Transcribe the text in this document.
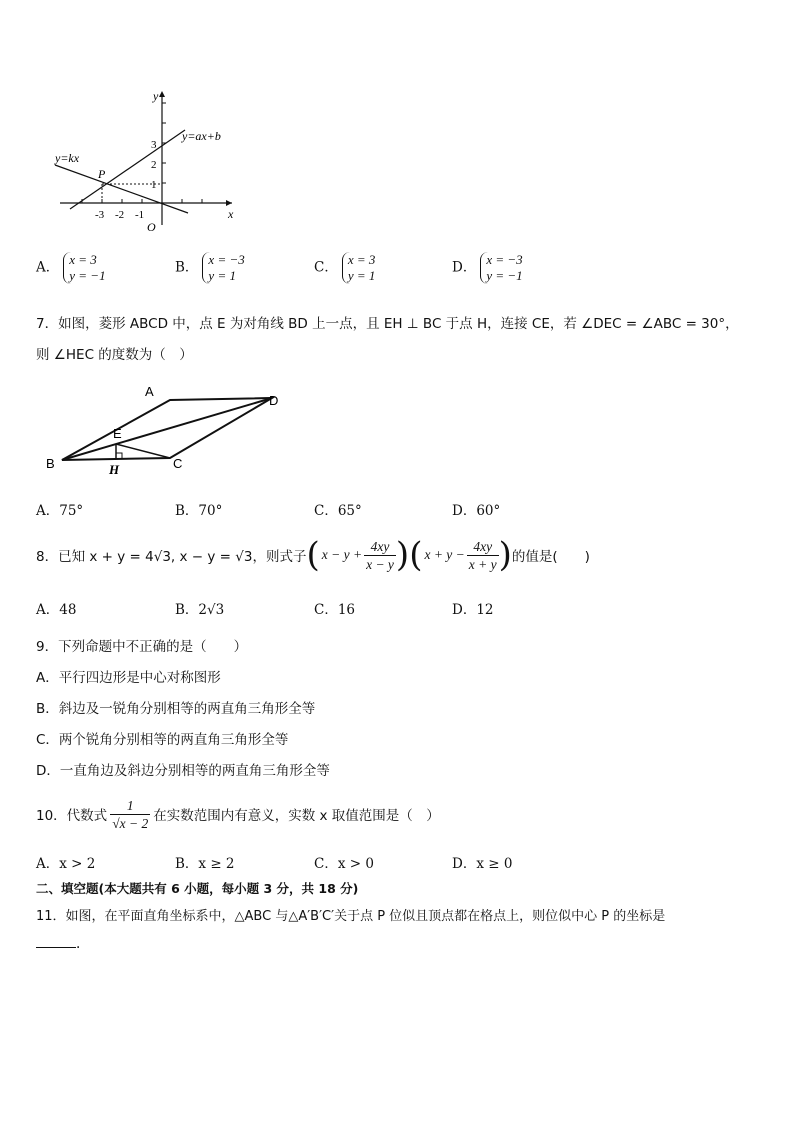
y
x
O
y=ax+b
y=kx
P
3
2
1
-3 -2 -1
A． x = 3
y = −1	B． x = −3
y = 1	C． x = 3
y = 1	D． x = −3
y = −1
7．如图，菱形 ABCD 中，点 E 为对角线 BD 上一点，且 EH ⊥ BC 于点 H，连接 CE，若 ∠DEC = ∠ABC = 30°，
则 ∠HEC 的度数为（　）
A
B	C
D
E
H
A．75°	B．70°	C．65°	D．60°
8．已知 x + y = 4√3, x − y = √3，则式子 ( $x - y + \frac{4xy}{x - y}$ ) ( $x + y - \frac{4xy}{x + y}$ ) 的值是(　　)
A．48	B．2√3	C．16	D．12
9．下列命题中不正确的是（　　）
A．平行四边形是中心对称图形
B．斜边及一锐角分别相等的两直角三角形全等
C．两个锐角分别相等的两直角三角形全等
D．一直角边及斜边分别相等的两直角三角形全等
10．代数式 $\frac{1}{√x - 2}$ 在实数范围内有意义，实数 x 取值范围是（　）
A．x > 2	B．x ≥ 2	C．x > 0	D．x ≥ 0
二、填空题(本大题共有 6 小题，每小题 3 分，共 18 分)
11．如图，在平面直角坐标系中，△ABC 与△A′B′C′关于点 P 位似且顶点都在格点上，则位似中心 P 的坐标是
.
